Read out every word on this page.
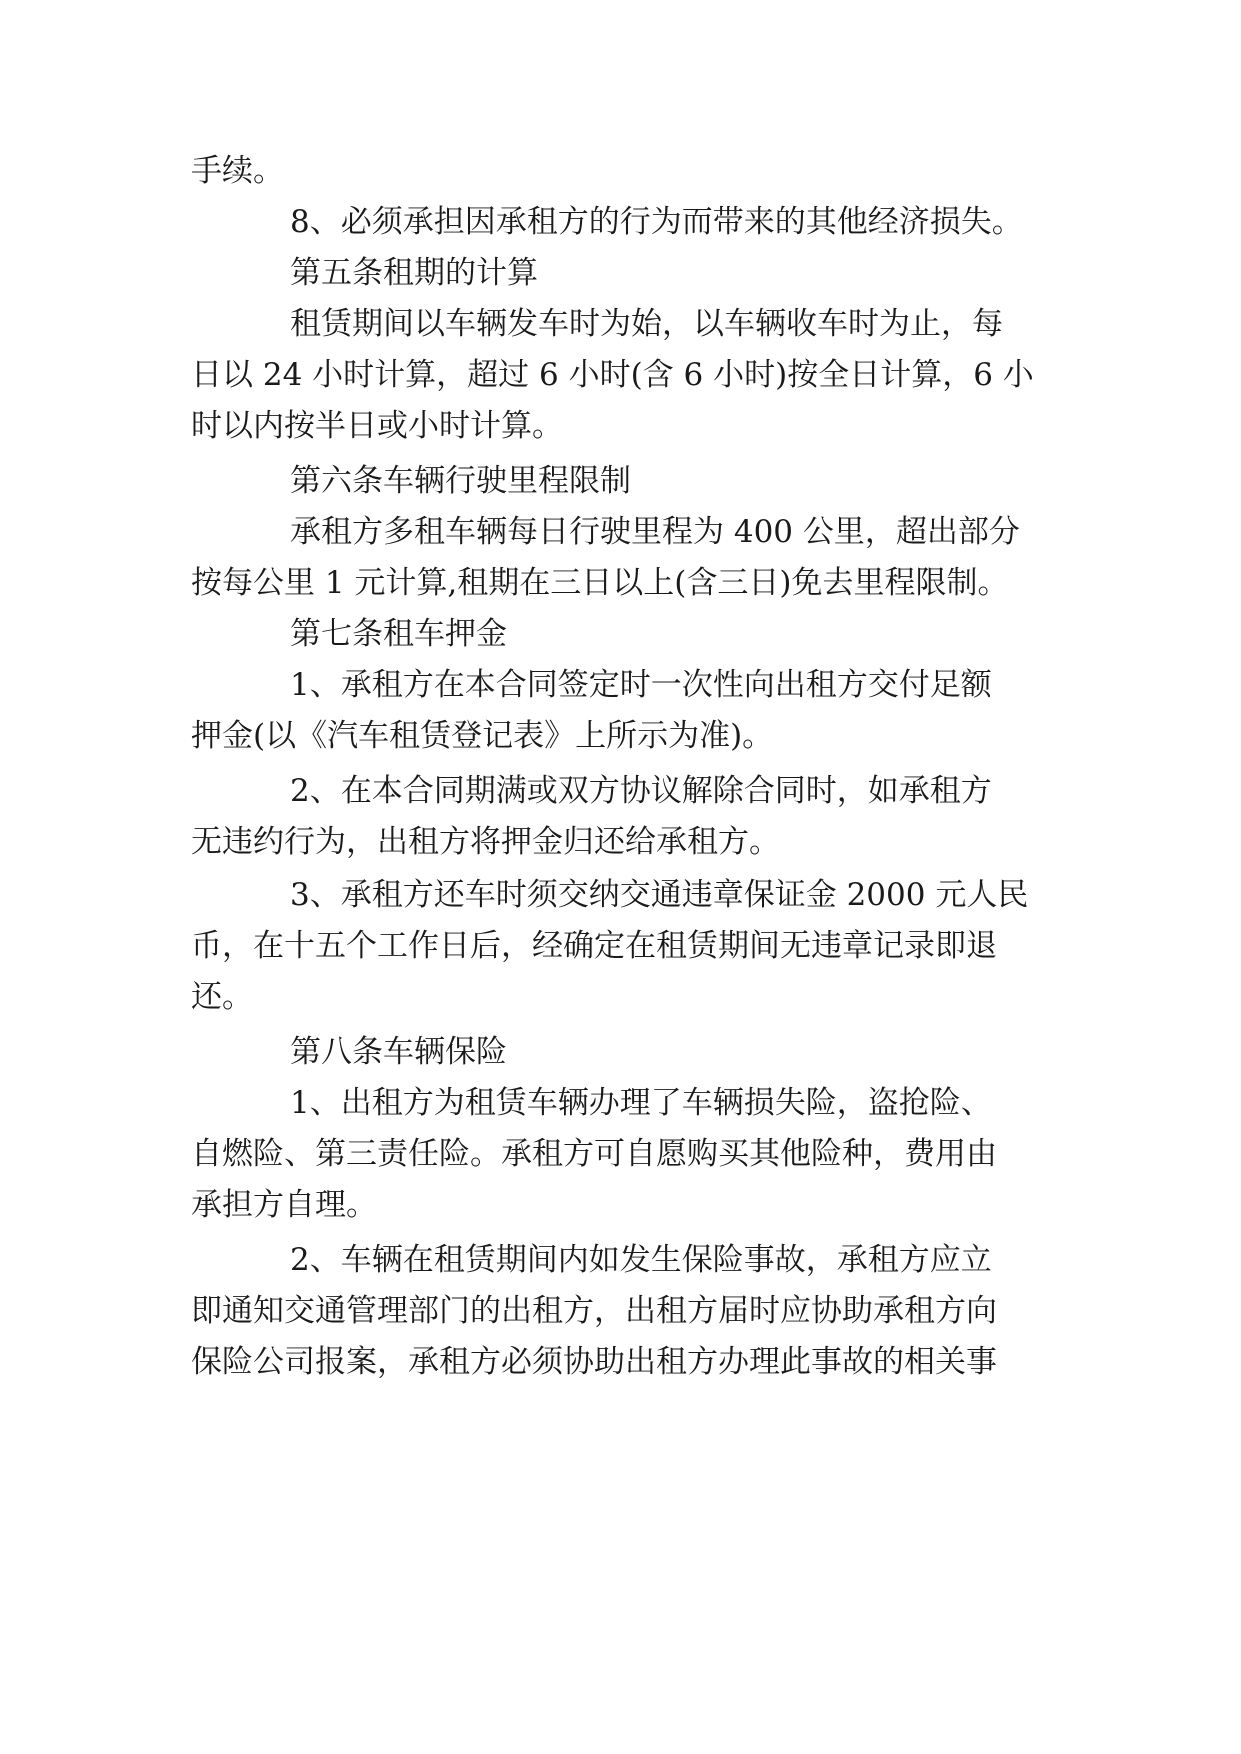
手续。
8、必须承担因承租方的行为而带来的其他经济损失。
第五条租期的计算
租赁期间以车辆发车时为始，以车辆收车时为止，每
日以 24 小时计算，超过 6 小时(含 6 小时)按全日计算，6 小
时以内按半日或小时计算。
第六条车辆行驶里程限制
承租方多租车辆每日行驶里程为 400 公里，超出部分
按每公里 1 元计算,租期在三日以上(含三日)免去里程限制。
第七条租车押金
1、承租方在本合同签定时一次性向出租方交付足额
押金(以《汽车租赁登记表》上所示为准)。
2、在本合同期满或双方协议解除合同时，如承租方
无违约行为，出租方将押金归还给承租方。
3、承租方还车时须交纳交通违章保证金 2000 元人民
币，在十五个工作日后，经确定在租赁期间无违章记录即退
还。
第八条车辆保险
1、出租方为租赁车辆办理了车辆损失险，盗抢险、
自燃险、第三责任险。承租方可自愿购买其他险种，费用由
承担方自理。
2、车辆在租赁期间内如发生保险事故，承租方应立
即通知交通管理部门的出租方，出租方届时应协助承租方向
保险公司报案，承租方必须协助出租方办理此事故的相关事
